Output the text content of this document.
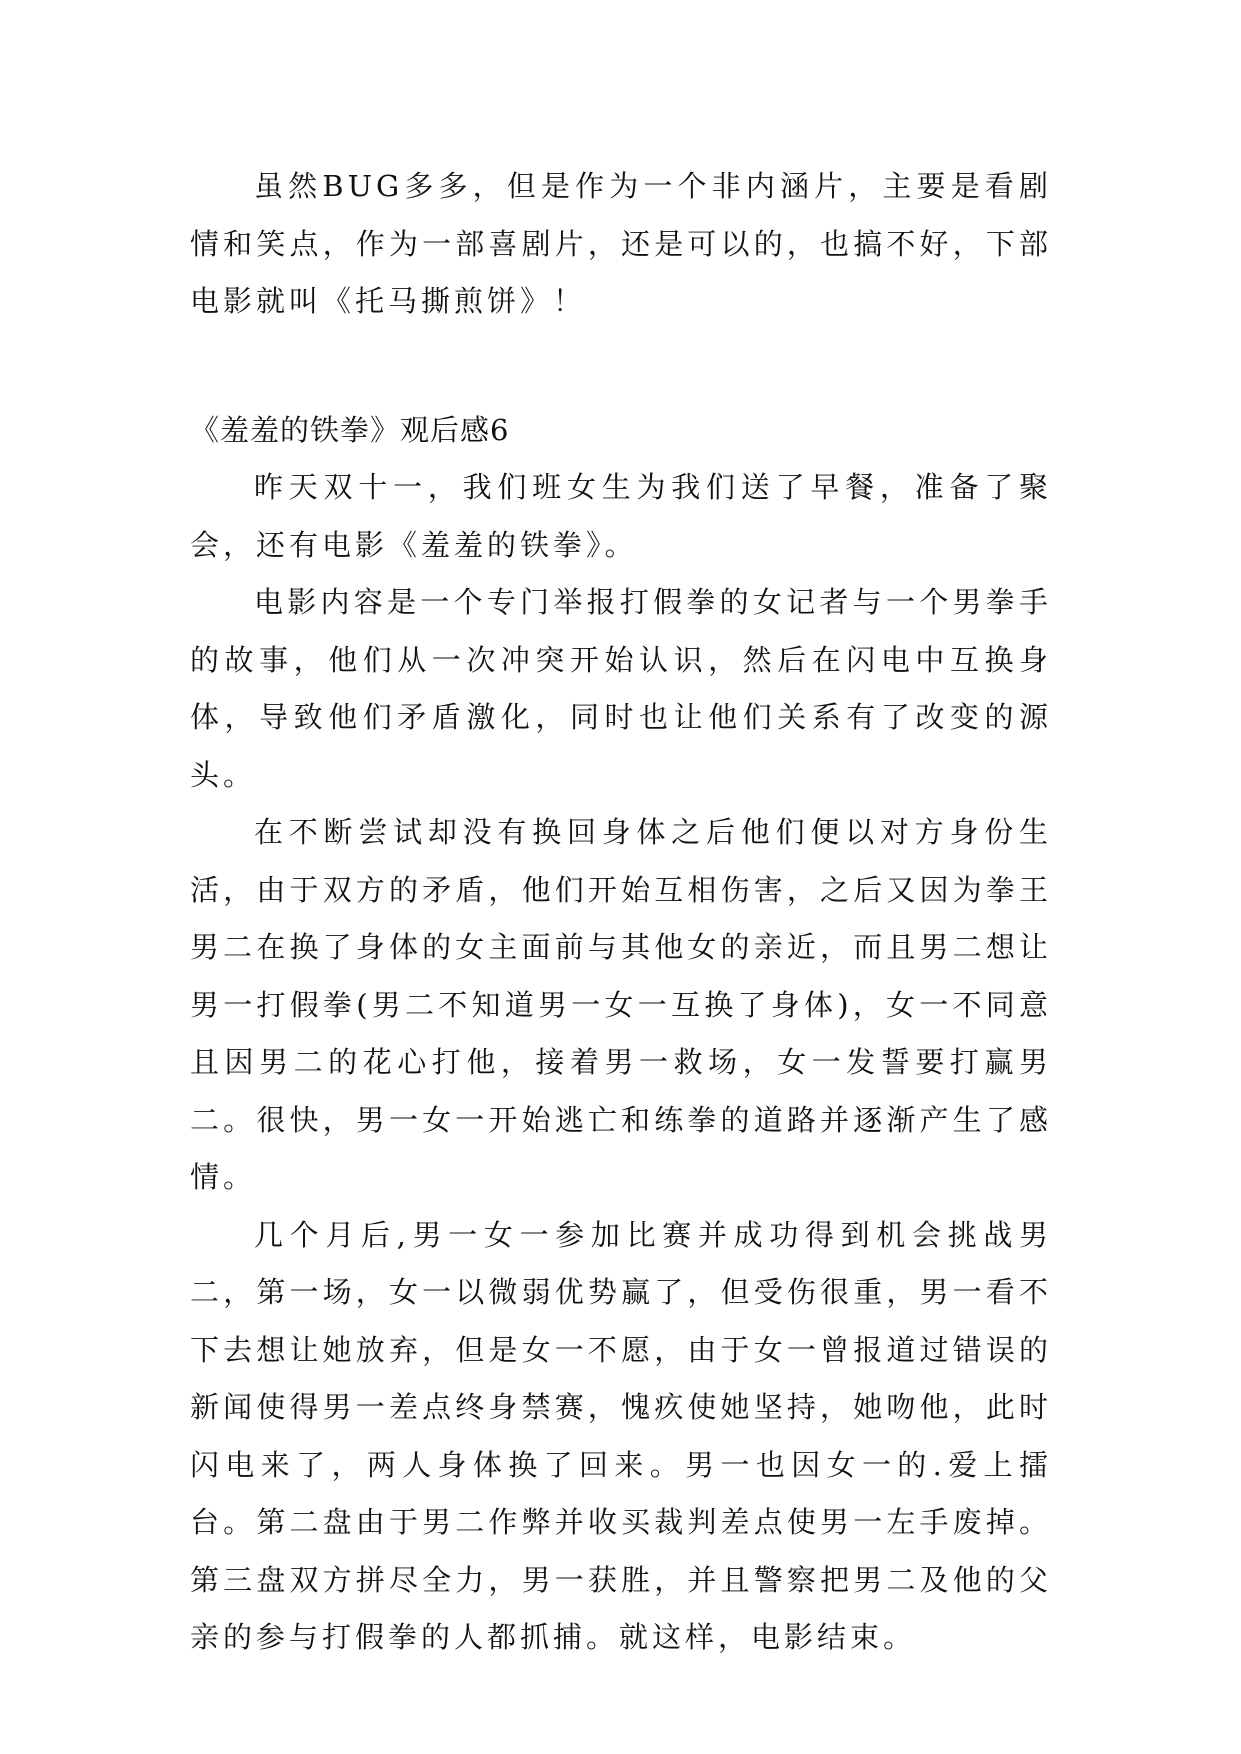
虽然BUG多多，但是作为一个非内涵片，主要是看剧情和笑点，作为一部喜剧片，还是可以的，也搞不好，下部电影就叫《托马撕煎饼》！

《羞羞的铁拳》观后感6

昨天双十一，我们班女生为我们送了早餐，准备了聚会，还有电影《羞羞的铁拳》。

电影内容是一个专门举报打假拳的女记者与一个男拳手的故事，他们从一次冲突开始认识，然后在闪电中互换身体，导致他们矛盾激化，同时也让他们关系有了改变的源头。

在不断尝试却没有换回身体之后他们便以对方身份生活，由于双方的矛盾，他们开始互相伤害，之后又因为拳王男二在换了身体的女主面前与其他女的亲近，而且男二想让男一打假拳(男二不知道男一女一互换了身体)，女一不同意且因男二的花心打他，接着男一救场，女一发誓要打赢男二。很快，男一女一开始逃亡和练拳的道路并逐渐产生了感情。

几个月后,男一女一参加比赛并成功得到机会挑战男二，第一场，女一以微弱优势赢了，但受伤很重，男一看不下去想让她放弃，但是女一不愿，由于女一曾报道过错误的新闻使得男一差点终身禁赛，愧疚使她坚持，她吻他，此时闪电来了，两人身体换了回来。男一也因女一的.爱上擂台。第二盘由于男二作弊并收买裁判差点使男一左手废掉。第三盘双方拼尽全力，男一获胜，并且警察把男二及他的父亲的参与打假拳的人都抓捕。就这样，电影结束。
